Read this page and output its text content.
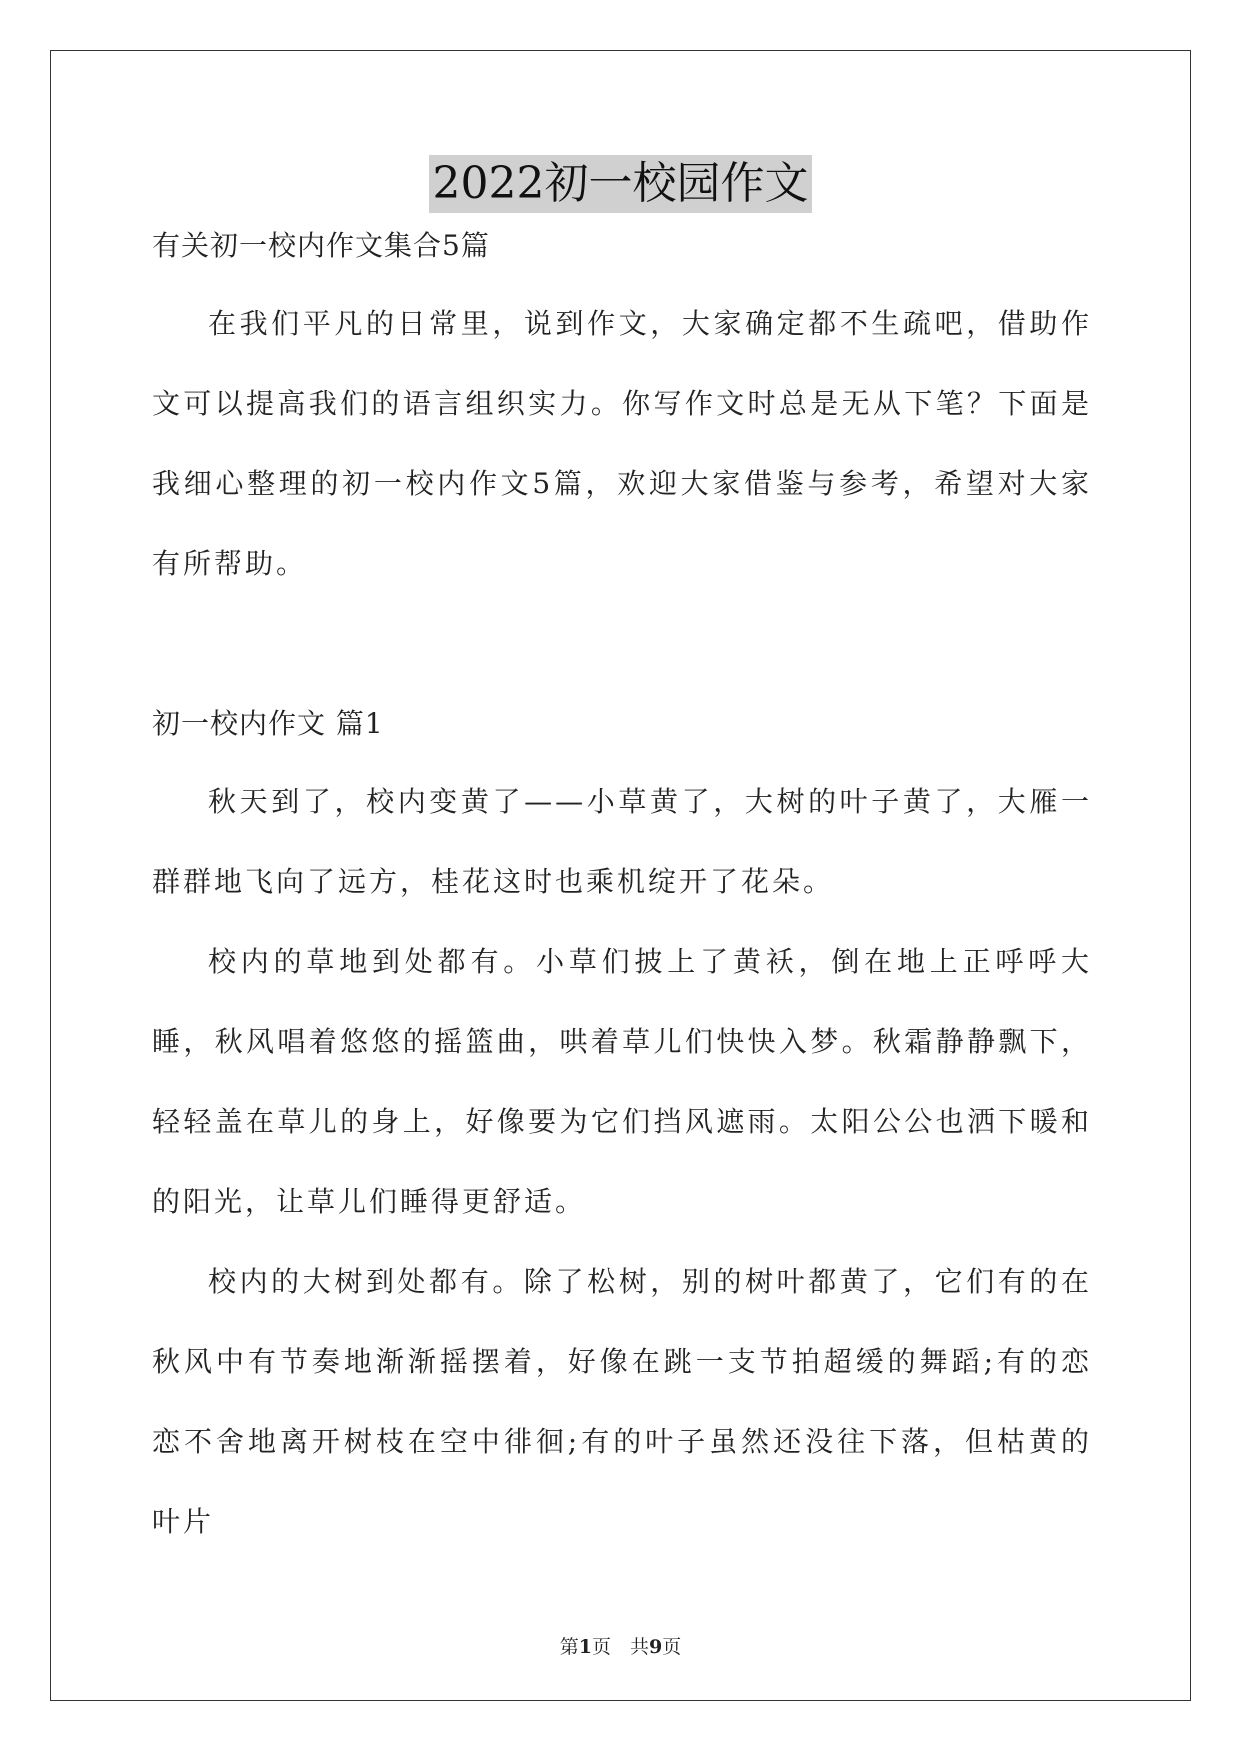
2022初一校园作文

有关初一校内作文集合5篇

在我们平凡的日常里，说到作文，大家确定都不生疏吧，借助作文可以提高我们的语言组织实力。你写作文时总是无从下笔？下面是我细心整理的初一校内作文5篇，欢迎大家借鉴与参考，希望对大家有所帮助。

初一校内作文 篇1

秋天到了，校内变黄了——小草黄了，大树的叶子黄了，大雁一群群地飞向了远方，桂花这时也乘机绽开了花朵。

校内的草地到处都有。小草们披上了黄袄，倒在地上正呼呼大睡，秋风唱着悠悠的摇篮曲，哄着草儿们快快入梦。秋霜静静飘下，轻轻盖在草儿的身上，好像要为它们挡风遮雨。太阳公公也洒下暖和的阳光，让草儿们睡得更舒适。

校内的大树到处都有。除了松树，别的树叶都黄了，它们有的在秋风中有节奏地渐渐摇摆着，好像在跳一支节拍超缓的舞蹈;有的恋恋不舍地离开树枝在空中徘徊;有的叶子虽然还没往下落，但枯黄的叶片

第1页　共9页
